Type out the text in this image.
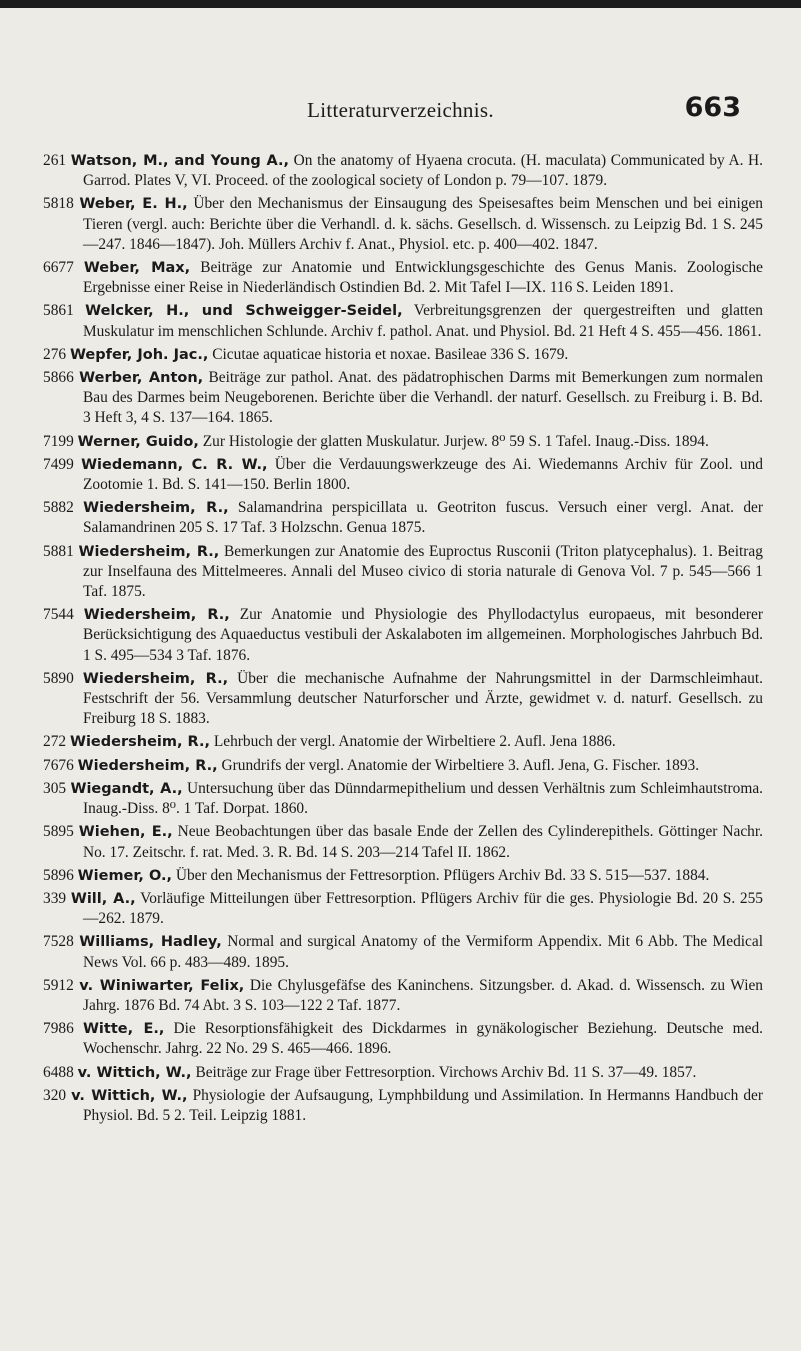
Litteraturverzeichnis.	663
261 Watson, M., and Young A., On the anatomy of Hyaena crocuta. (H. maculata) Communicated by A. H. Garrod. Plates V, VI. Proceed. of the zoological society of London p. 79—107. 1879.
5818 Weber, E. H., Über den Mechanismus der Einsaugung des Speisesaftes beim Menschen und bei einigen Tieren (vergl. auch: Berichte über die Verhandl. d. k. sächs. Gesellsch. d. Wissensch. zu Leipzig Bd. 1 S. 245—247. 1846—1847). Joh. Müllers Archiv f. Anat., Physiol. etc. p. 400—402. 1847.
6677 Weber, Max, Beiträge zur Anatomie und Entwicklungsgeschichte des Genus Manis. Zoologische Ergebnisse einer Reise in Niederländisch Ostindien Bd. 2. Mit Tafel I—IX. 116 S. Leiden 1891.
5861 Welcker, H., und Schweigger-Seidel, Verbreitungsgrenzen der quergestreiften und glatten Muskulatur im menschlichen Schlunde. Archiv f. pathol. Anat. und Physiol. Bd. 21 Heft 4 S. 455—456. 1861.
276 Wepfer, Joh. Jac., Cicutae aquaticae historia et noxae. Basileae 336 S. 1679.
5866 Werber, Anton, Beiträge zur pathol. Anat. des pädatrophischen Darms mit Bemerkungen zum normalen Bau des Darmes beim Neugeborenen. Berichte über die Verhandl. der naturf. Gesellsch. zu Freiburg i. B. Bd. 3 Heft 3, 4 S. 137—164. 1865.
7199 Werner, Guido, Zur Histologie der glatten Muskulatur. Jurjew. 8⁰ 59 S. 1 Tafel. Inaug.-Diss. 1894.
7499 Wiedemann, C. R. W., Über die Verdauungswerkzeuge des Ai. Wiedemanns Archiv für Zool. und Zootomie 1. Bd. S. 141—150. Berlin 1800.
5882 Wiedersheim, R., Salamandrina perspicillata u. Geotriton fuscus. Versuch einer vergl. Anat. der Salamandrinen 205 S. 17 Taf. 3 Holzschn. Genua 1875.
5881 Wiedersheim, R., Bemerkungen zur Anatomie des Euproctus Rusconii (Triton platycephalus). 1. Beitrag zur Inselfauna des Mittelmeeres. Annali del Museo civico di storia naturale di Genova Vol. 7 p. 545—566 1 Taf. 1875.
7544 Wiedersheim, R., Zur Anatomie und Physiologie des Phyllodactylus europaeus, mit besonderer Berücksichtigung des Aquaeductus vestibuli der Askalaboten im allgemeinen. Morphologisches Jahrbuch Bd. 1 S. 495—534 3 Taf. 1876.
5890 Wiedersheim, R., Über die mechanische Aufnahme der Nahrungsmittel in der Darmschleimhaut. Festschrift der 56. Versammlung deutscher Naturforscher und Ärzte, gewidmet v. d. naturf. Gesellsch. zu Freiburg 18 S. 1883.
272 Wiedersheim, R., Lehrbuch der vergl. Anatomie der Wirbeltiere 2. Aufl. Jena 1886.
7676 Wiedersheim, R., Grundrifs der vergl. Anatomie der Wirbeltiere 3. Aufl. Jena, G. Fischer. 1893.
305 Wiegandt, A., Untersuchung über das Dünndarmepithelium und dessen Verhältnis zum Schleimhautstroma. Inaug.-Diss. 8⁰. 1 Taf. Dorpat. 1860.
5895 Wiehen, E., Neue Beobachtungen über das basale Ende der Zellen des Cylinderepithels. Göttinger Nachr. No. 17. Zeitschr. f. rat. Med. 3. R. Bd. 14 S. 203—214 Tafel II. 1862.
5896 Wiemer, O., Über den Mechanismus der Fettresorption. Pflügers Archiv Bd. 33 S. 515—537. 1884.
339 Will, A., Vorläufige Mitteilungen über Fettresorption. Pflügers Archiv für die ges. Physiologie Bd. 20 S. 255—262. 1879.
7528 Williams, Hadley, Normal and surgical Anatomy of the Vermiform Appendix. Mit 6 Abb. The Medical News Vol. 66 p. 483—489. 1895.
5912 v. Winiwarter, Felix, Die Chylusgefäfse des Kaninchens. Sitzungsber. d. Akad. d. Wissensch. zu Wien Jahrg. 1876 Bd. 74 Abt. 3 S. 103—122 2 Taf. 1877.
7986 Witte, E., Die Resorptionsfähigkeit des Dickdarmes in gynäkologischer Beziehung. Deutsche med. Wochenschr. Jahrg. 22 No. 29 S. 465—466. 1896.
6488 v. Wittich, W., Beiträge zur Frage über Fettresorption. Virchows Archiv Bd. 11 S. 37—49. 1857.
320 v. Wittich, W., Physiologie der Aufsaugung, Lymphbildung und Assimilation. In Hermanns Handbuch der Physiol. Bd. 5 2. Teil. Leipzig 1881.
